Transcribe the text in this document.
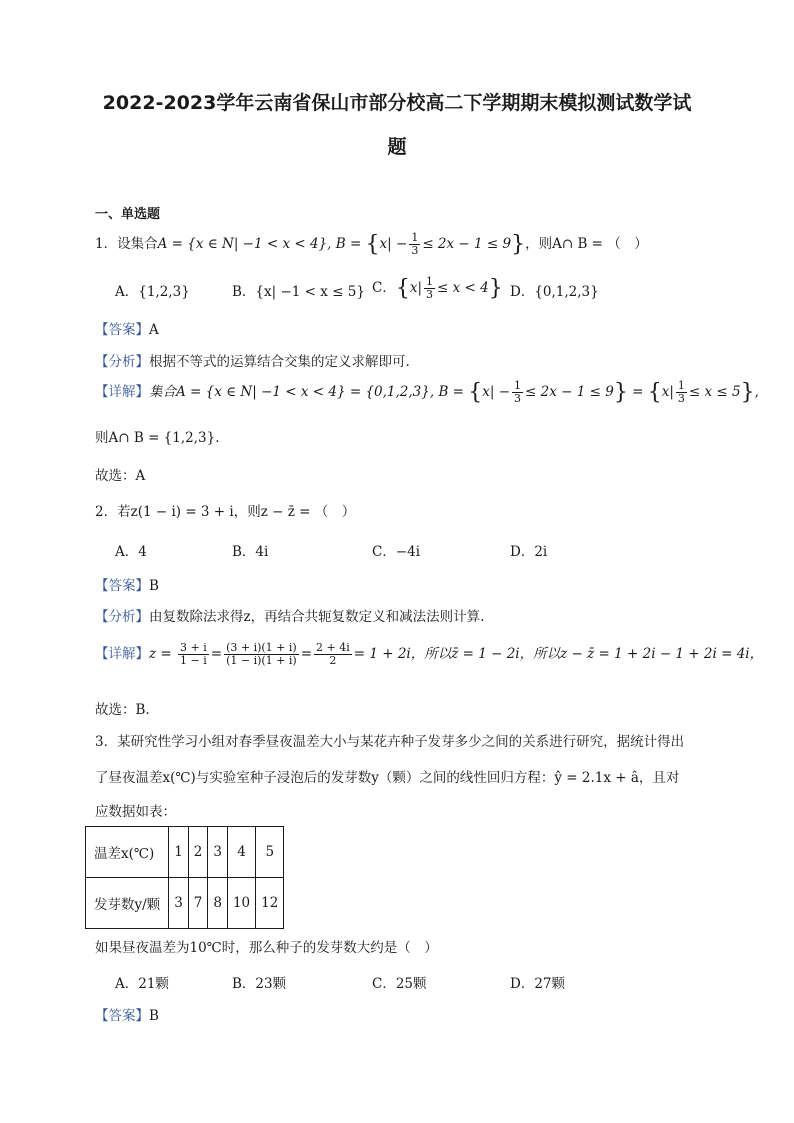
2022-2023学年云南省保山市部分校高二下学期期末模拟测试数学试
题
一、单选题
1．设集合A = {x ∈ N| −1 < x < 4}, $B = \{x| - \frac{1}{3} \le 2x - 1 \le 9\}$，则A∩ B = （　）
A．{1,2,3}	B．{x| −1 < x ≤ 5} C．$\{x| \frac{1}{3} \le x < 4\}$ D．{0,1,2,3}
【答案】A
【分析】根据不等式的运算结合交集的定义求解即可.
【详解】集合A = {x ∈ N| −1 < x < 4} = {0,1,2,3}, $B = \{x| - \frac{1}{3} \le 2x - 1 \le 9\} = \{x| \frac{1}{3} \le x \le 5\}$,
则A∩ B = {1,2,3}.
故选：A
2．若z(1 − i) = 3 + i，则z − z̄ = （　）
A．4	B．4i	C．−4i	D．2i
【答案】B
【分析】由复数除法求得z，再结合共轭复数定义和减法法则计算.
【详解】$z = \frac{3 + i}{1 - i} = \frac{(3 + i)(1 + i)}{(1 - i)(1 + i)} = \frac{2 + 4i}{2} = 1 + 2i$，所以z̄ = 1 − 2i，所以z − z̄ = 1 + 2i − 1 + 2i = 4i，
故选：B.
3．某研究性学习小组对春季昼夜温差大小与某花卉种子发芽多少之间的关系进行研究，据统计得出
了昼夜温差x(℃)与实验室种子浸泡后的发芽数y（颗）之间的线性回归方程：ŷ = 2.1x + â，且对
应数据如表：
温差x(℃)	1	2	3	4	5
发芽数y/颗	3	7	8	10	12
如果昼夜温差为10℃时，那么种子的发芽数大约是（　）
A．21颗	B．23颗	C．25颗	D．27颗
【答案】B
